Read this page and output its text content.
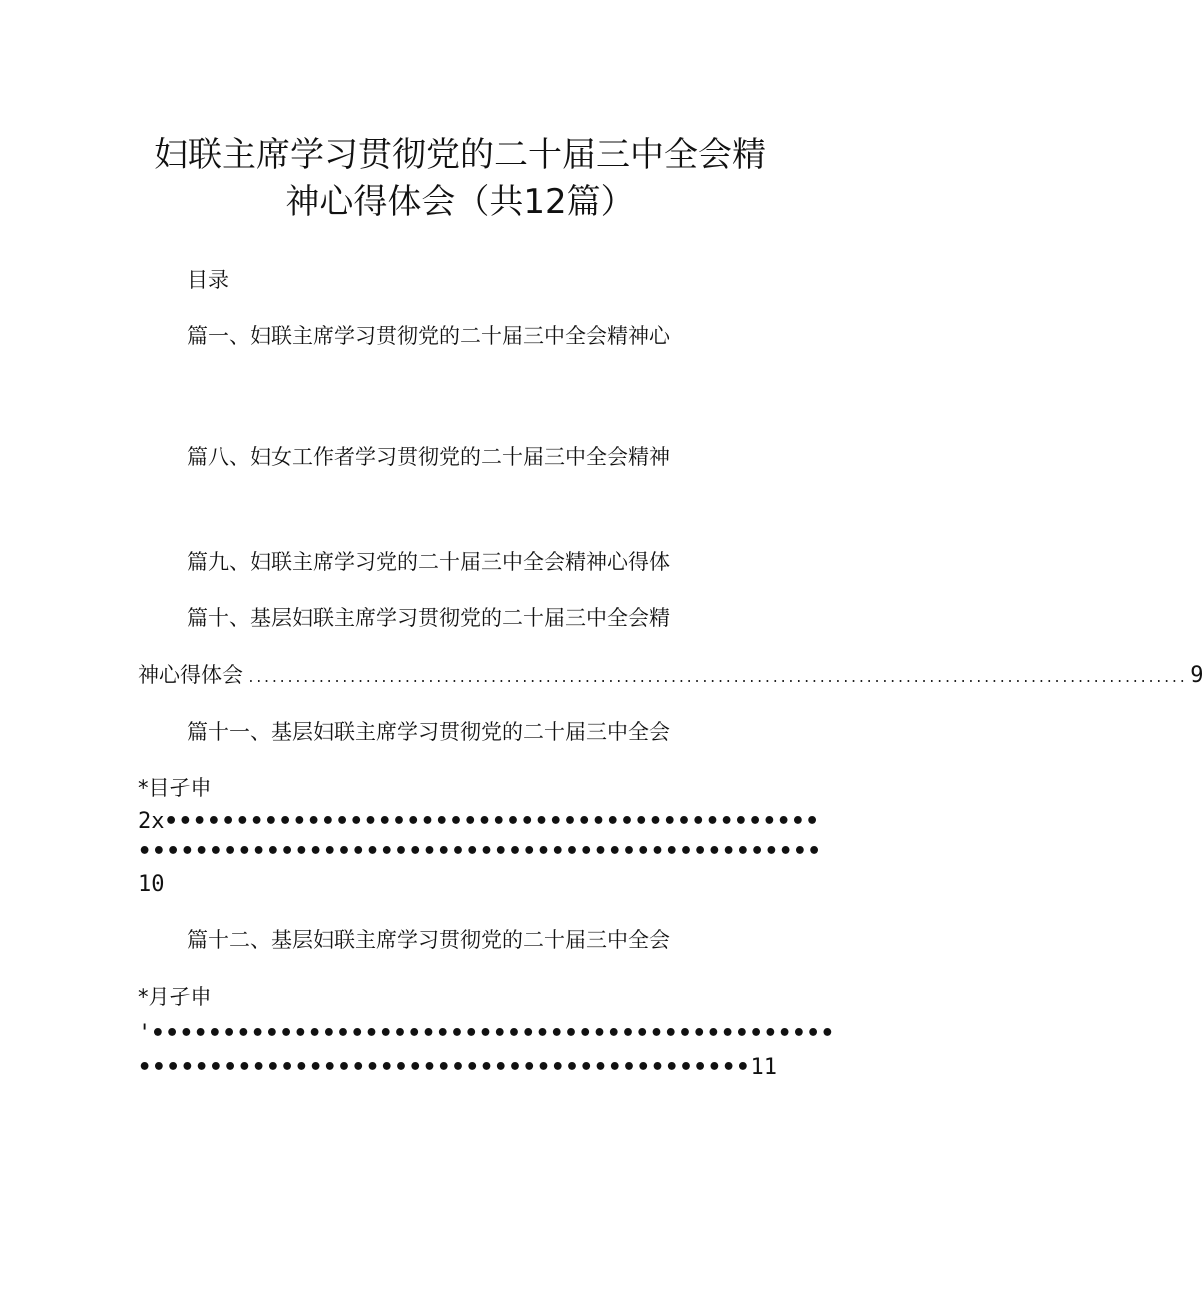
妇联主席学习贯彻党的二十届三中全会精
神心得体会（共12篇）
目录
篇一、妇联主席学习贯彻党的二十届三中全会精神心
篇八、妇女工作者学习贯彻党的二十届三中全会精神
篇九、妇联主席学习党的二十届三中全会精神心得体
篇十、基层妇联主席学习贯彻党的二十届三中全会精
神心得体会 ........................................................................................................................ 9
篇十一、基层妇联主席学习贯彻党的二十届三中全会
*目孑申
2x••••••••••••••••••••••••••••••••••••••••••••••
••••••••••••••••••••••••••••••••••••••••••••••••
10
篇十二、基层妇联主席学习贯彻党的二十届三中全会
*月孑申
'••••••••••••••••••••••••••••••••••••••••••••••••
•••••••••••••••••••••••••••••••••••••••••••11
